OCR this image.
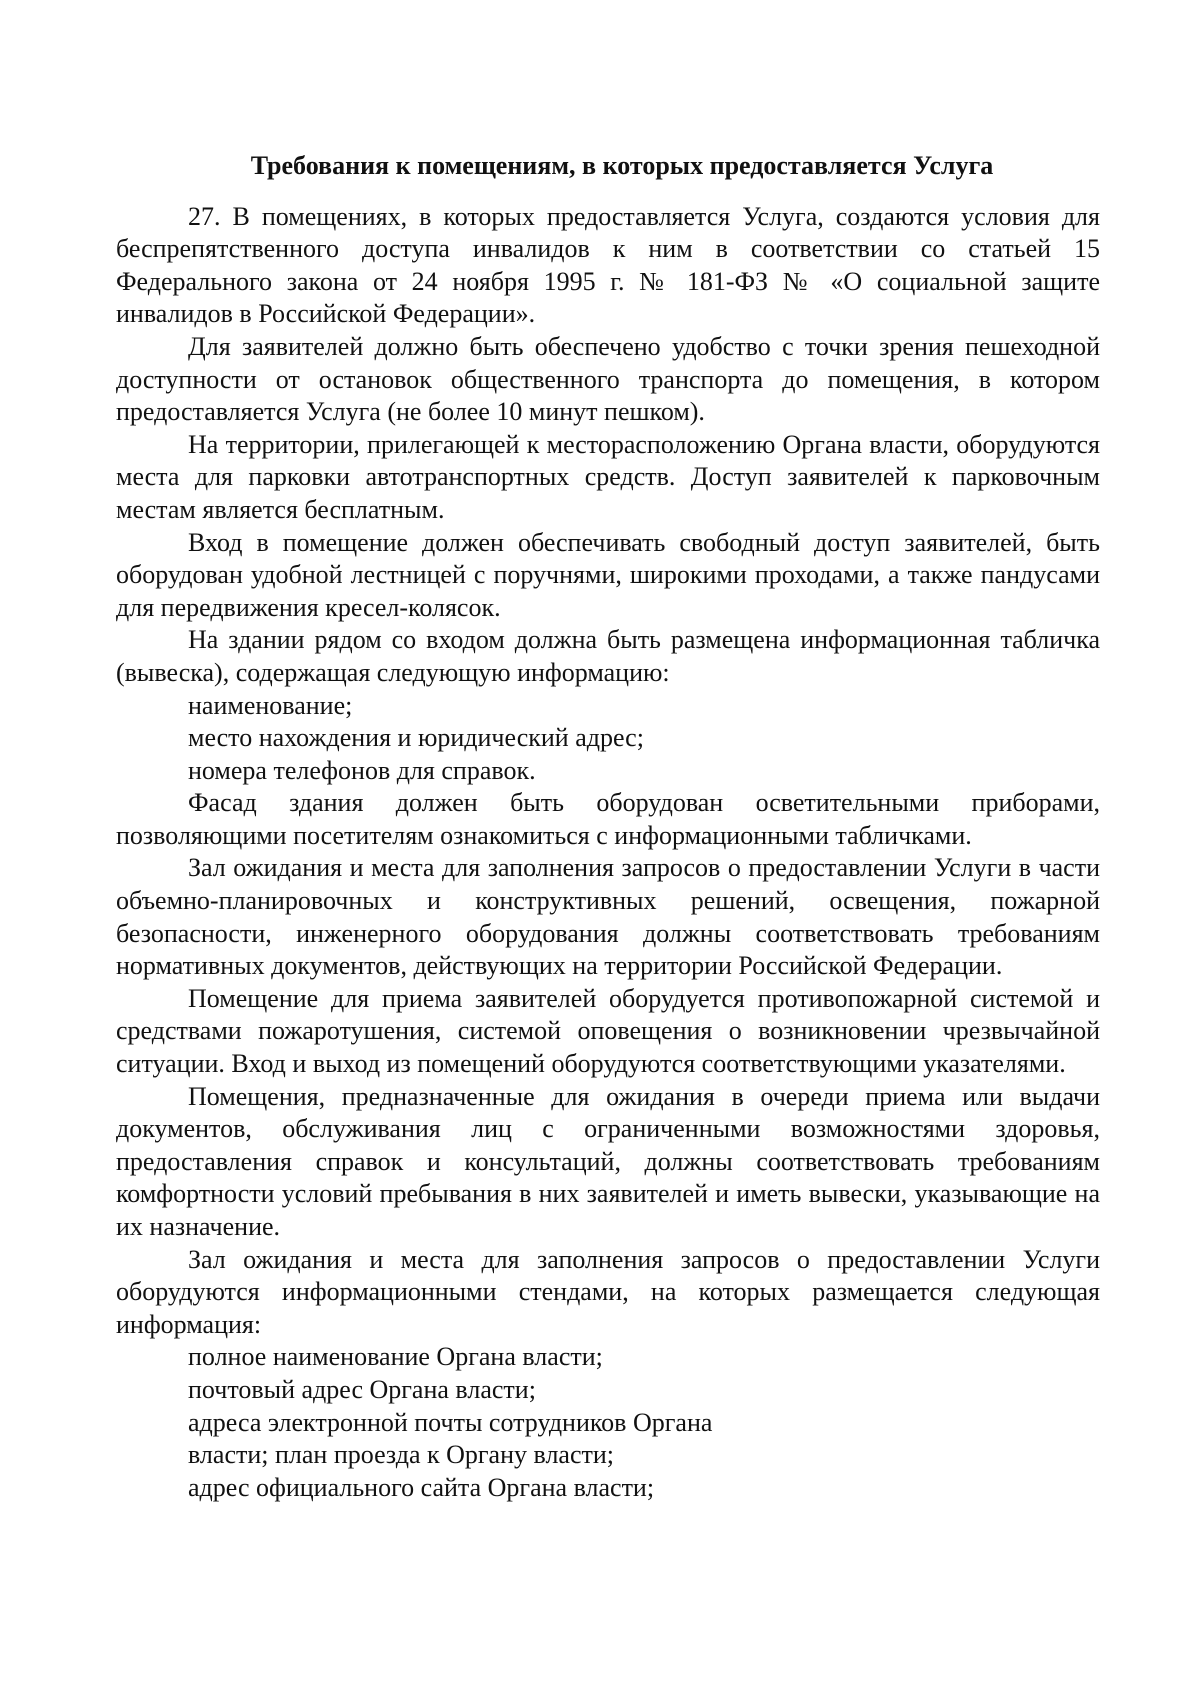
Требования к помещениям, в которых предоставляется Услуга

27. В помещениях, в которых предоставляется Услуга, создаются условия для беспрепятственного доступа инвалидов к ним в соответствии со статьей 15 Федерального закона от 24 ноября 1995 г. № 181-ФЗ № «О социальной защите инвалидов в Российской Федерации».

Для заявителей должно быть обеспечено удобство с точки зрения пешеходной доступности от остановок общественного транспорта до помещения, в котором предоставляется Услуга (не более 10 минут пешком).

На территории, прилегающей к месторасположению Органа власти, оборудуются места для парковки автотранспортных средств. Доступ заявителей к парковочным местам является бесплатным.

Вход в помещение должен обеспечивать свободный доступ заявителей, быть оборудован удобной лестницей с поручнями, широкими проходами, а также пандусами для передвижения кресел-колясок.

На здании рядом со входом должна быть размещена информационная табличка (вывеска), содержащая следующую информацию:

наименование;

место нахождения и юридический адрес;

номера телефонов для справок.

Фасад здания должен быть оборудован осветительными приборами, позволяющими посетителям ознакомиться с информационными табличками.

Зал ожидания и места для заполнения запросов о предоставлении Услуги в части объемно-планировочных и конструктивных решений, освещения, пожарной безопасности, инженерного оборудования должны соответствовать требованиям нормативных документов, действующих на территории Российской Федерации.

Помещение для приема заявителей оборудуется противопожарной системой и средствами пожаротушения, системой оповещения о возникновении чрезвычайной ситуации. Вход и выход из помещений оборудуются соответствующими указателями.

Помещения, предназначенные для ожидания в очереди приема или выдачи документов, обслуживания лиц с ограниченными возможностями здоровья, предоставления справок и консультаций, должны соответствовать требованиям комфортности условий пребывания в них заявителей и иметь вывески, указывающие на их назначение.

Зал ожидания и места для заполнения запросов о предоставлении Услуги оборудуются информационными стендами, на которых размещается следующая информация:

полное наименование Органа власти;

почтовый адрес Органа власти;

адреса электронной почты сотрудников Органа

власти; план проезда к Органу власти;

адрес официального сайта Органа власти;
